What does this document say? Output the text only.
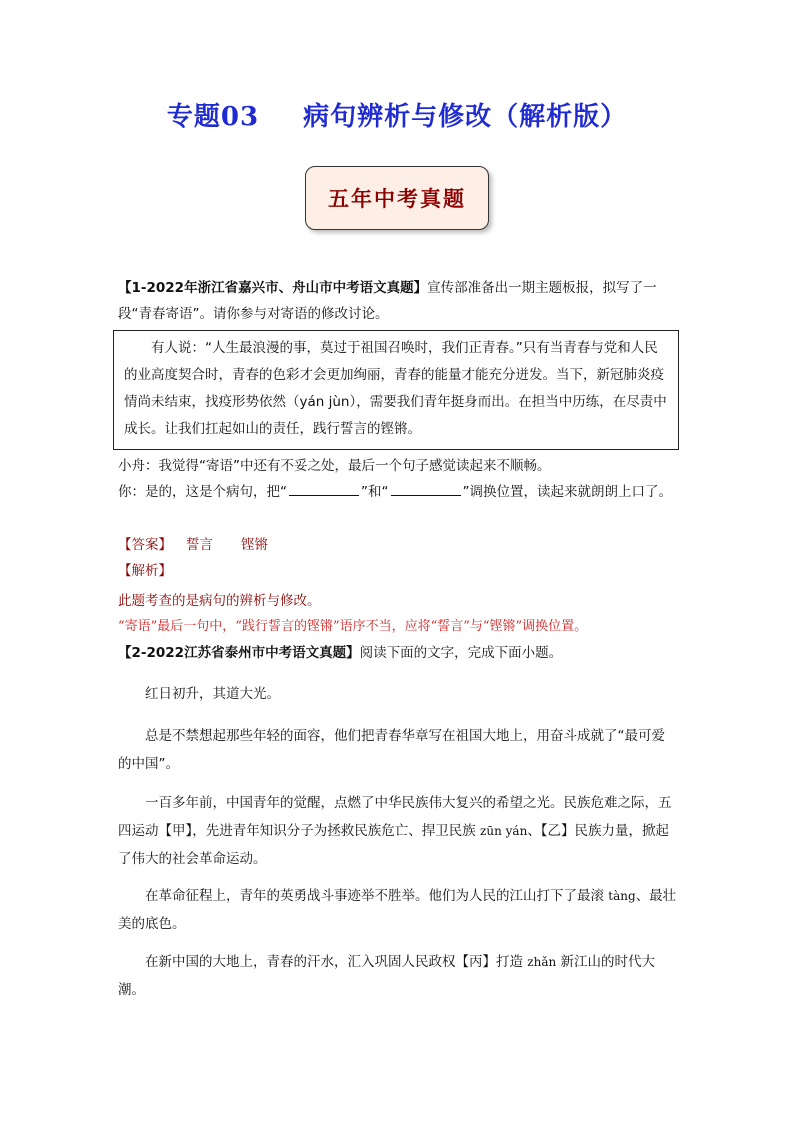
专题03 病句辨析与修改（解析版）
五年中考真题
【1-2022年浙江省嘉兴市、舟山市中考语文真题】宣传部准备出一期主题板报，拟写了一段“青春寄语”。请你参与对寄语的修改讨论。
有人说：“人生最浪漫的事，莫过于祖国召唤时，我们正青春。”只有当青春与党和人民的业高度契合时，青春的色彩才会更加绚丽，青春的能量才能充分迸发。当下，新冠肺炎疫情尚未结束，找疫形势依然（yán jùn），需要我们青年挺身而出。在担当中历练，在尽责中成长。让我们扛起如山的责任，践行誓言的铿锵。
小舟：我觉得“寄语”中还有不妥之处，最后一个句子感觉读起来不顺畅。
你：是的，这是个病句，把“	”和“	”调换位置，读起来就朗朗上口了。
【答案】 誓言 铿锵
【解析】
此题考查的是病句的辨析与修改。
“寄语”最后一句中，“践行誓言的铿锵”语序不当，应将“誓言”与“铿锵”调换位置。
【2-2022江苏省泰州市中考语文真题】阅读下面的文字，完成下面小题。
红日初升，其道大光。
总是不禁想起那些年轻的面容，他们把青春华章写在祖国大地上，用奋斗成就了“最可爱的中国”。
一百多年前，中国青年的觉醒，点燃了中华民族伟大复兴的希望之光。民族危难之际，五四运动【甲】，先进青年知识分子为拯救民族危亡、捍卫民族 zūn yán、【乙】民族力量，掀起了伟大的社会革命运动。
在革命征程上，青年的英勇战斗事迹举不胜举。他们为人民的江山打下了最滚 tàng、最壮美的底色。
在新中国的大地上，青春的汗水，汇入巩固人民政权【丙】打造 zhǎn 新江山的时代大潮。
